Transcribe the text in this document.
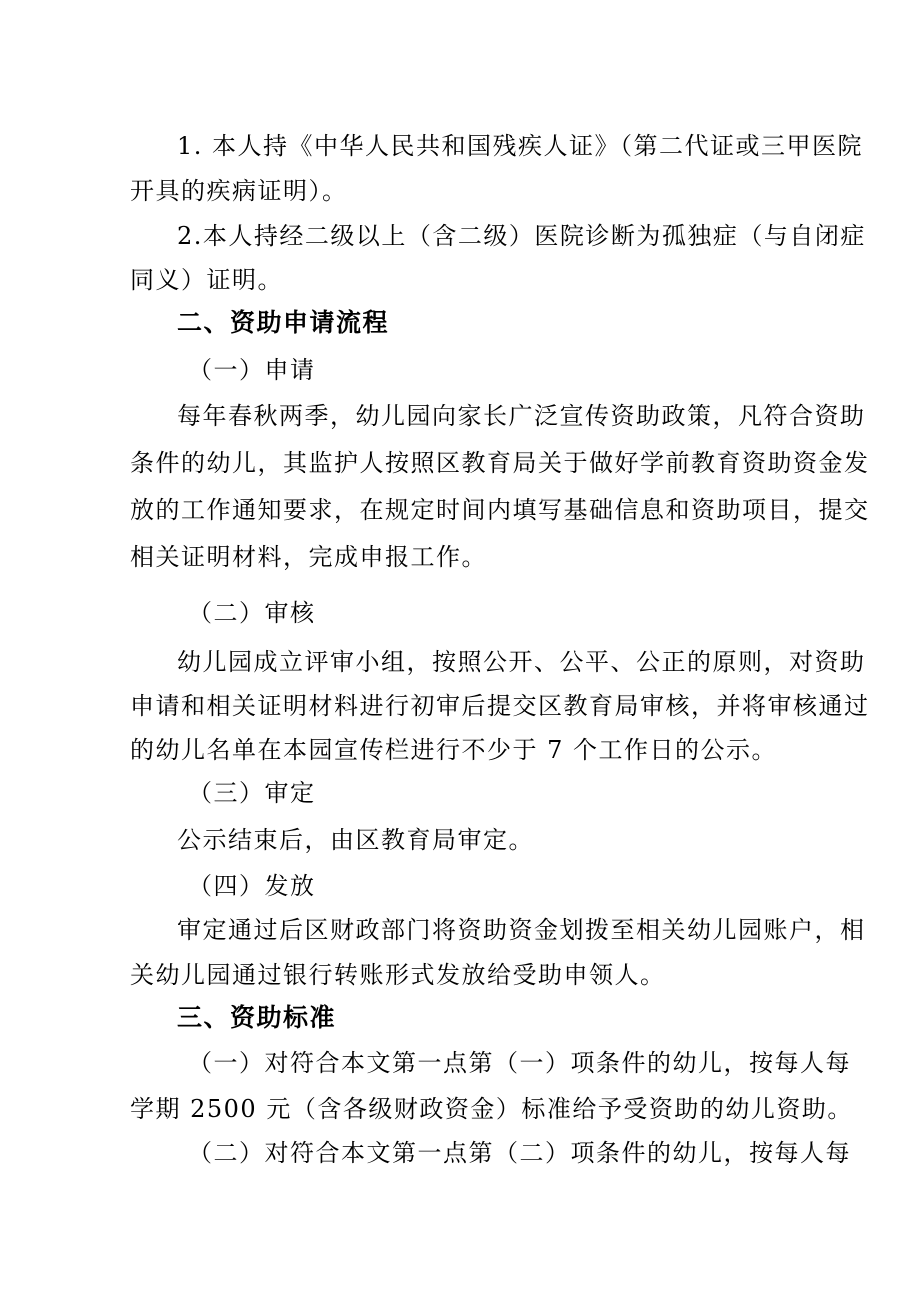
1. 本人持《中华人民共和国残疾人证》（第二代证或三甲医院
开具的疾病证明）。
2.本人持经二级以上（含二级）医院诊断为孤独症（与自闭症
同义）证明。
二、资助申请流程
（一）申请
每年春秋两季，幼儿园向家长广泛宣传资助政策，凡符合资助
条件的幼儿，其监护人按照区教育局关于做好学前教育资助资金发
放的工作通知要求，在规定时间内填写基础信息和资助项目，提交
相关证明材料，完成申报工作。
（二）审核
幼儿园成立评审小组，按照公开、公平、公正的原则，对资助
申请和相关证明材料进行初审后提交区教育局审核，并将审核通过
的幼儿名单在本园宣传栏进行不少于 7 个工作日的公示。
（三）审定
公示结束后，由区教育局审定。
（四）发放
审定通过后区财政部门将资助资金划拨至相关幼儿园账户，相
关幼儿园通过银行转账形式发放给受助申领人。
三、资助标准
（一）对符合本文第一点第（一）项条件的幼儿，按每人每
学期 2500 元（含各级财政资金）标准给予受资助的幼儿资助。
（二）对符合本文第一点第（二）项条件的幼儿，按每人每
